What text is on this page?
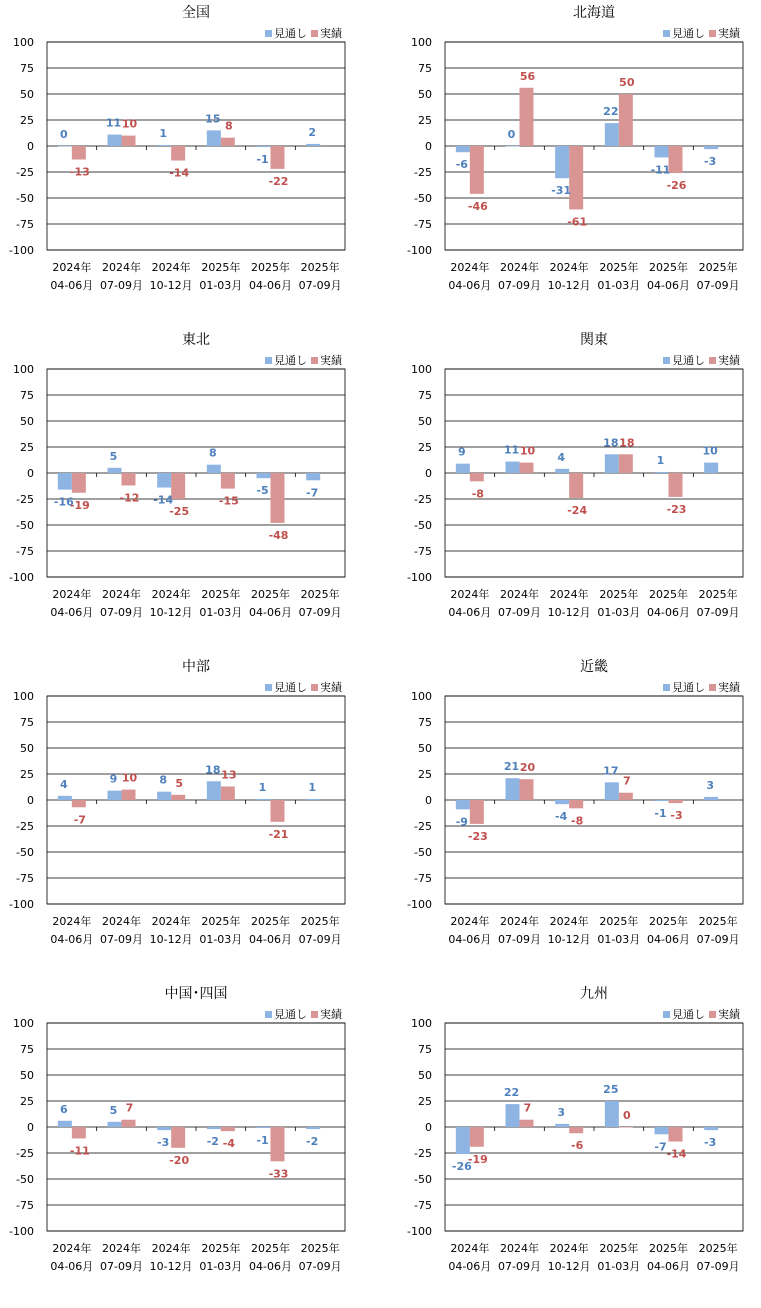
全国
見通し 実績
100
75
50
25
0
-25
-50
-75
-100
0
-13
2024年
04-06月
11 10
2024年
07-09月
1
-14
2024年
10-12月
15
8
2025年
01-03月
-1
-22
2025年
04-06月
2
2025年
07-09月
北海道
見通し 実績
100
75
50
25
0
-25
-50
-75
-100
-6
-46
2024年
04-06月
0
56
2024年
07-09月
-31
-61
2024年
10-12月
22
50
2025年
01-03月
-11
-26
2025年
04-06月
-3
2025年
07-09月
東北
見通し 実績
100
75
50
25
0
-25
-50
-75
-100
-16
-19
2024年
04-06月
5
-12
2024年
07-09月
-14
-25
2024年
10-12月
8
-15
2025年
01-03月
-5
-48
2025年
04-06月
-7
2025年
07-09月
関東
見通し 実績
100
75
50
25
0
-25
-50
-75
-100
9
-8
2024年
04-06月
11 10
2024年
07-09月
4
-24
2024年
10-12月
18 18
2025年
01-03月
1
-23
2025年
04-06月
10
2025年
07-09月
中部
見通し 実績
100
75
50
25
0
-25
-50
-75
-100
4
-7
2024年
04-06月
9 10
2024年
07-09月
8 5
2024年
10-12月
18 13
2025年
01-03月
1
-21
2025年
04-06月
1
2025年
07-09月
近畿
見通し 実績
100
75
50
25
0
-25
-50
-75
-100
-9
-23
2024年
04-06月
21 20
2024年
07-09月
-4 -8
2024年
10-12月
17
7
2025年
01-03月
-1 -3
2025年
04-06月
3
2025年
07-09月
中国･四国
見通し 実績
100
75
50
25
0
-25
-50
-75
-100
6
-11
2024年
04-06月
5 7
2024年
07-09月
-3
-20
2024年
10-12月
-2 -4
2025年
01-03月
-1
-33
2025年
04-06月
-2
2025年
07-09月
九州
見通し 実績
100
75
50
25
0
-25
-50
-75
-100
-26
-19
2024年
04-06月
22
7
2024年
07-09月
3
-6
2024年
10-12月
25
0
2025年
01-03月
-7
-14
2025年
04-06月
-3
2025年
07-09月
